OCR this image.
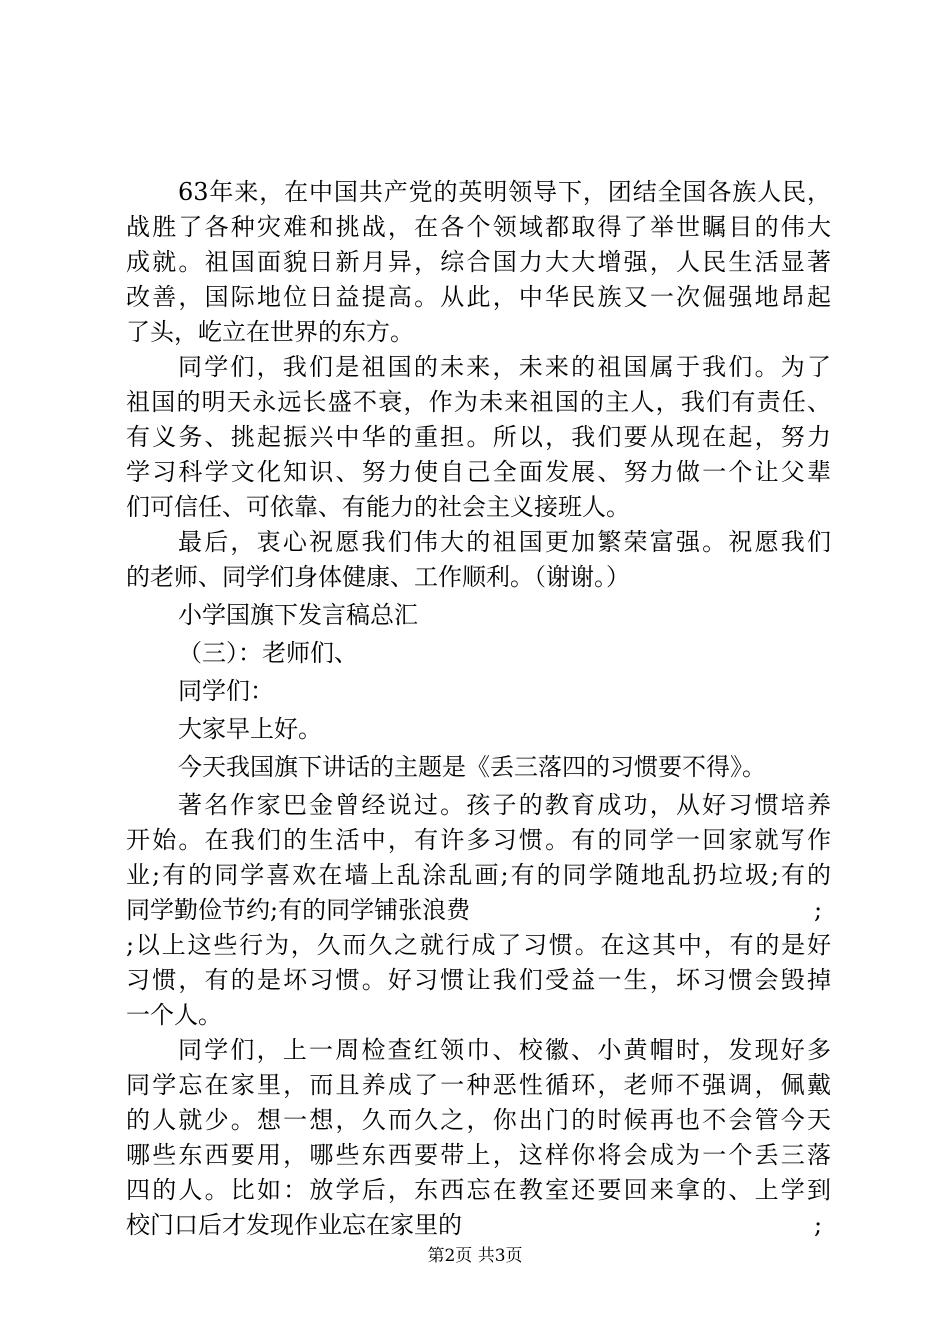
63年来，在中国共产党的英明领导下，团结全国各族人民，
战胜了各种灾难和挑战，在各个领域都取得了举世瞩目的伟大
成就。祖国面貌日新月异，综合国力大大增强，人民生活显著
改善，国际地位日益提高。从此，中华民族又一次倔强地昂起
了头，屹立在世界的东方。
同学们，我们是祖国的未来，未来的祖国属于我们。为了
祖国的明天永远长盛不衰，作为未来祖国的主人，我们有责任、
有义务、挑起振兴中华的重担。所以，我们要从现在起，努力
学习科学文化知识、努力使自己全面发展、努力做一个让父辈
们可信任、可依靠、有能力的社会主义接班人。
最后，衷心祝愿我们伟大的祖国更加繁荣富强。祝愿我们
的老师、同学们身体健康、工作顺利。（谢谢。）
小学国旗下发言稿总汇
（三）：老师们、
同学们：
大家早上好。
今天我国旗下讲话的主题是《丢三落四的习惯要不得》。
著名作家巴金曾经说过。孩子的教育成功，从好习惯培养
开始。在我们的生活中，有许多习惯。有的同学一回家就写作
业;有的同学喜欢在墙上乱涂乱画;有的同学随地乱扔垃圾;有的
同学勤俭节约;有的同学铺张浪费	;
;以上这些行为，久而久之就行成了习惯。在这其中，有的是好
习惯，有的是坏习惯。好习惯让我们受益一生，坏习惯会毁掉
一个人。
同学们，上一周检查红领巾、校徽、小黄帽时，发现好多
同学忘在家里，而且养成了一种恶性循环，老师不强调，佩戴
的人就少。想一想，久而久之，你出门的时候再也不会管今天
哪些东西要用，哪些东西要带上，这样你将会成为一个丢三落
四的人。比如：放学后，东西忘在教室还要回来拿的、上学到
校门口后才发现作业忘在家里的	;
第2页 共3页
